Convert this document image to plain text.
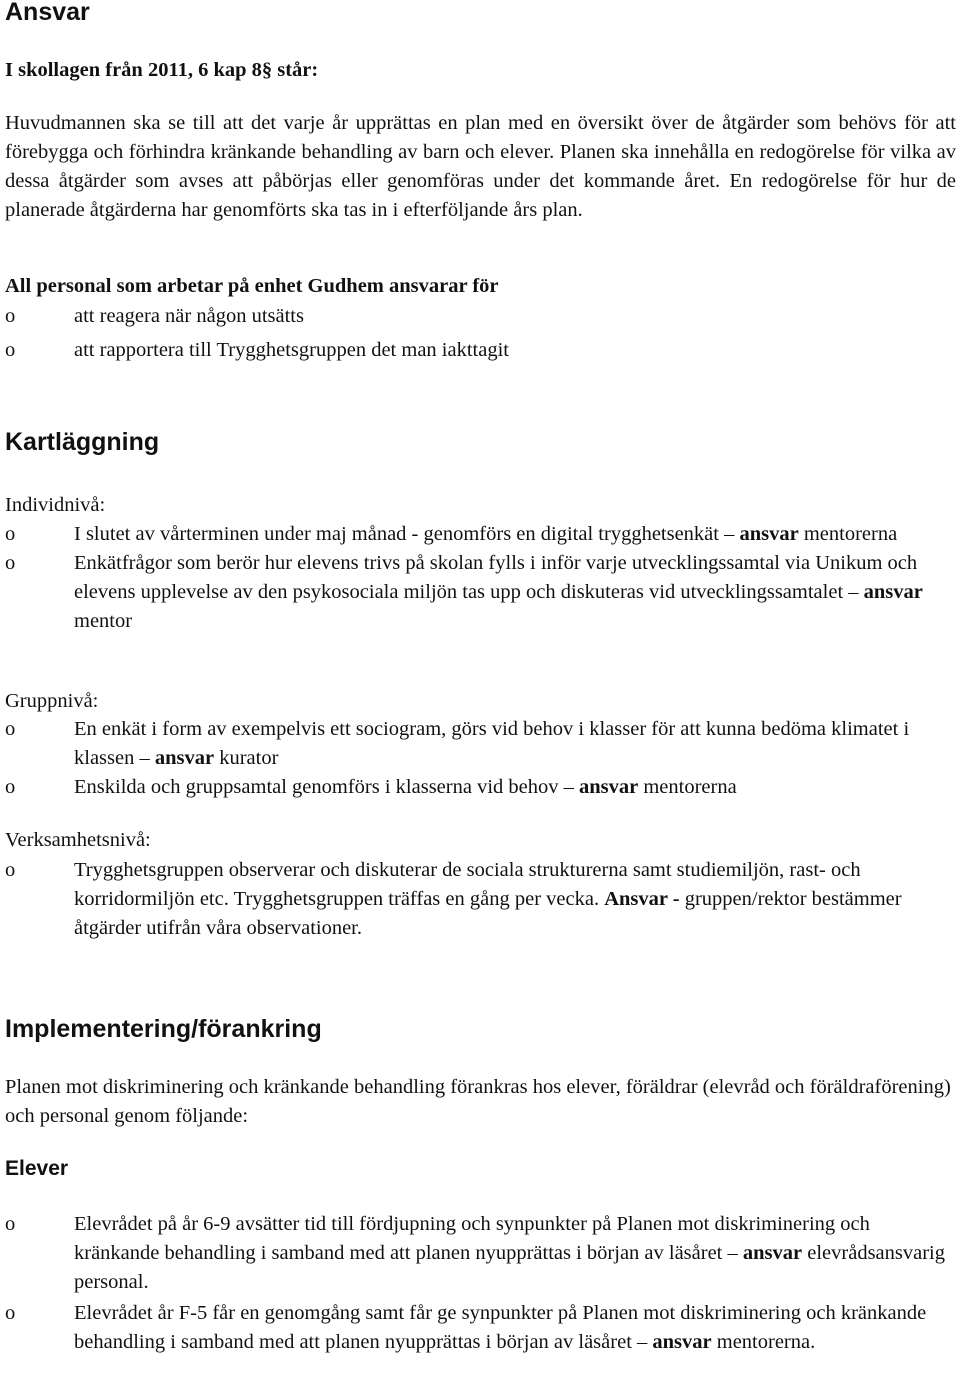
Ansvar

I skollagen från 2011, 6 kap 8§ står:

Huvudmannen ska se till att det varje år upprättas en plan med en översikt över de åtgärder som behövs för att förebygga och förhindra kränkande behandling av barn och elever. Planen ska innehålla en redogörelse för vilka av dessa åtgärder som avses att påbörjas eller genomföras under det kommande året. En redogörelse för hur de planerade åtgärderna har genomförts ska tas in i efterföljande års plan.

All personal som arbetar på enhet Gudhem ansvarar för

o	att reagera när någon utsätts
o	att rapportera till Trygghetsgruppen det man iakttagit
Kartläggning

Individnivå:

o	I slutet av vårterminen under maj månad - genomförs en digital trygghetsenkät – ansvar mentorerna
o	Enkätfrågor som berör hur elevens trivs på skolan fylls i inför varje utvecklingssamtal via Unikum och elevens upplevelse av den psykosociala miljön tas upp och diskuteras vid utvecklingssamtalet – ansvar mentor

Gruppnivå:

o	En enkät i form av exempelvis ett sociogram, görs vid behov i klasser för att kunna bedöma klimatet i klassen – ansvar kurator
o	Enskilda och gruppsamtal genomförs i klasserna vid behov – ansvar mentorerna

Verksamhetsnivå:

o	Trygghetsgruppen observerar och diskuterar de sociala strukturerna samt studiemiljön, rast- och korridormiljön etc. Trygghetsgruppen träffas en gång per vecka. Ansvar - gruppen/rektor bestämmer åtgärder utifrån våra observationer.
Implementering/förankring

Planen mot diskriminering och kränkande behandling förankras hos elever, föräldrar (elevråd och föräldraförening) och personal genom följande:

Elever
o	Elevrådet på år 6-9 avsätter tid till fördjupning och synpunkter på Planen mot diskriminering och kränkande behandling i samband med att planen nyupprättas i början av läsåret – ansvar elevrådsansvarig personal.
o	Elevrådet år F-5 får en genomgång samt får ge synpunkter på Planen mot diskriminering och kränkande behandling i samband med att planen nyupprättas i början av läsåret – ansvar mentorerna.
